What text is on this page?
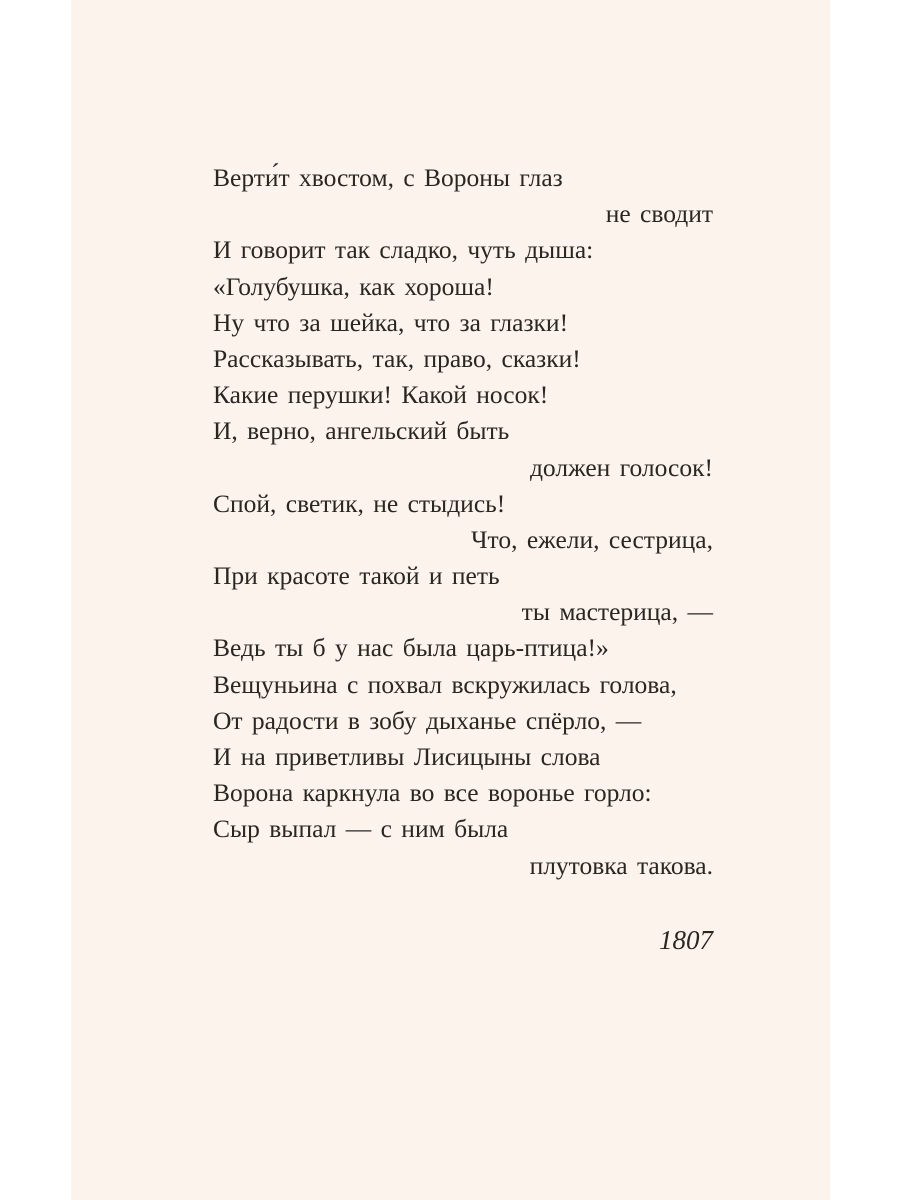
Верти́т хвостом, с Вороны глаз
не сводит
И говорит так сладко, чуть дыша:
«Голубушка, как хороша!
Ну что за шейка, что за глазки!
Рассказывать, так, право, сказки!
Какие перушки! Какой носок!
И, верно, ангельский быть
должен голосок!
Спой, светик, не стыдись!
Что, ежели, сестрица,
При красоте такой и петь
ты мастерица, —
Ведь ты б у нас была царь-птица!»
Вещуньина с похвал вскружилась голова,
От радости в зобу дыханье спёрло, —
И на приветливы Лисицыны слова
Ворона каркнула во все воронье горло:
Сыр выпал — с ним была
плутовка такова.
1807
